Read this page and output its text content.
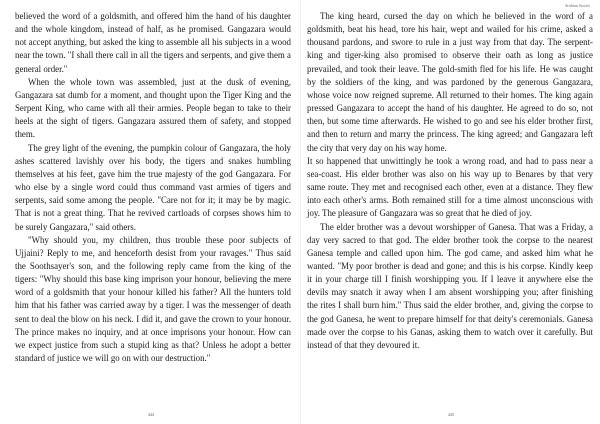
believed the word of a goldsmith, and offered him the hand of his daughter and the whole kingdom, instead of half, as he promised. Gangazara would not accept anything, but asked the king to assemble all his subjects in a wood near the town. "I shall there call in all the tigers and serpents, and give them a general order."

When the whole town was assembled, just at the dusk of evening, Gangazara sat dumb for a moment, and thought upon the Tiger King and the Serpent King, who came with all their armies. People began to take to their heels at the sight of tigers. Gangazara assured them of safety, and stopped them.

The grey light of the evening, the pumpkin colour of Gangazara, the holy ashes scattered lavishly over his body, the tigers and snakes humbling themselves at his feet, gave him the true majesty of the god Gangazara. For who else by a single word could thus command vast armies of tigers and serpents, said some among the people. "Care not for it; it may be by magic. That is not a great thing. That he revived cartloads of corpses shows him to be surely Gangazara," said others.

"Why should you, my children, thus trouble these poor subjects of Ujjaini? Reply to me, and henceforth desist from your ravages." Thus said the Soothsayer's son, and the following reply came from the king of the tigers: "Why should this base king imprison your honour, believing the mere word of a goldsmith that your honour killed his father? All the hunters told him that his father was carried away by a tiger. I was the messenger of death sent to deal the blow on his neck. I did it, and gave the crown to your honour. The prince makes no inquiry, and at once imprisons your honour. How can we expect justice from such a stupid king as that? Unless he adopt a better standard of justice we will go on with our destruction."

444
Arabian Stories

The king heard, cursed the day on which he believed in the word of a goldsmith, beat his head, tore his hair, wept and wailed for his crime, asked a thousand pardons, and swore to rule in a just way from that day. The serpent-king and tiger-king also promised to observe their oath as long as justice prevailed, and took their leave. The gold-smith fled for his life. He was caught by the soldiers of the king, and was pardoned by the generous Gangazara, whose voice now reigned supreme. All returned to their homes. The king again pressed Gangazara to accept the hand of his daughter. He agreed to do so, not then, but some time afterwards. He wished to go and see his elder brother first, and then to return and marry the princess. The king agreed; and Gangazara left the city that very day on his way home.

It so happened that unwittingly he took a wrong road, and had to pass near a sea-coast. His elder brother was also on his way up to Benares by that very same route. They met and recognised each other, even at a distance. They flew into each other's arms. Both remained still for a time almost unconscious with joy. The pleasure of Gangazara was so great that he died of joy.

The elder brother was a devout worshipper of Ganesa. That was a Friday, a day very sacred to that god. The elder brother took the corpse to the nearest Ganesa temple and called upon him. The god came, and asked him what he wanted. "My poor brother is dead and gone; and this is his corpse. Kindly keep it in your charge till I finish worshipping you. If I leave it anywhere else the devils may snatch it away when I am absent worshipping you; after finishing the rites I shall burn him." Thus said the elder brother, and, giving the corpse to the god Ganesa, he went to prepare himself for that deity's ceremonials. Ganesa made over the corpse to his Ganas, asking them to watch over it carefully. But instead of that they devoured it.

445
